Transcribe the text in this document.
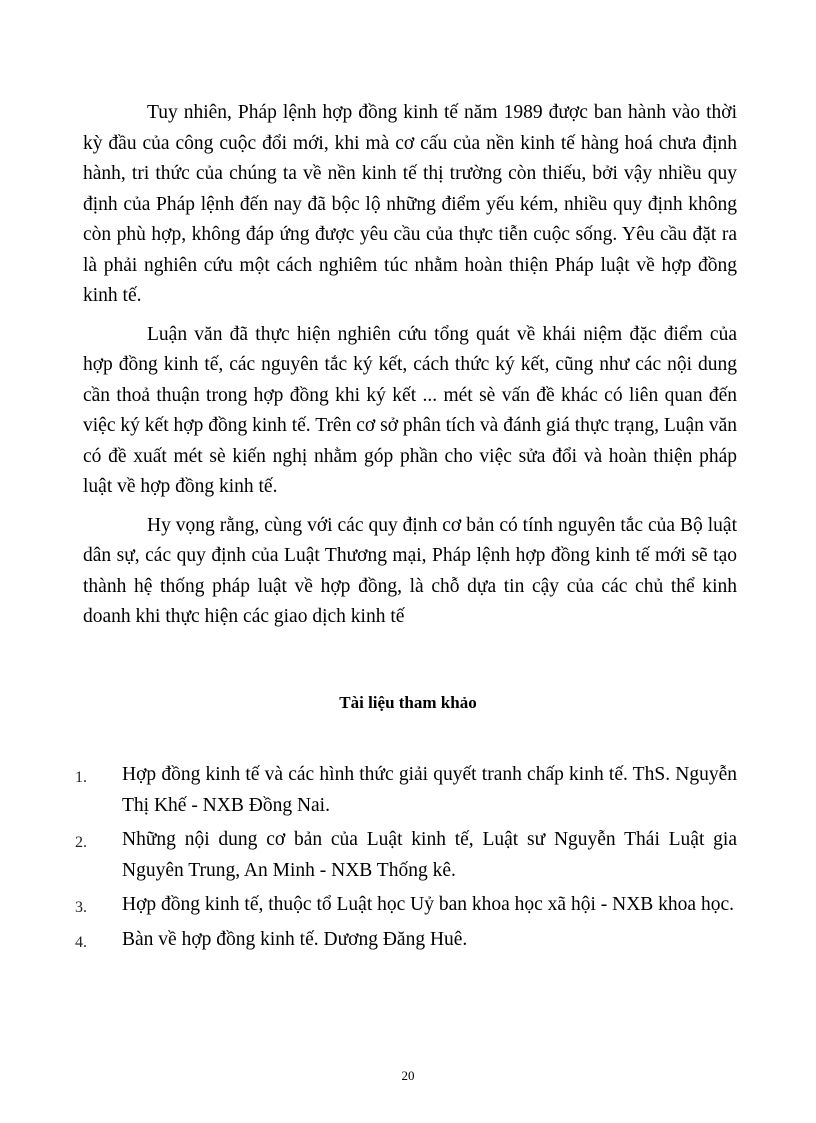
Tuy nhiên, Pháp lệnh hợp đồng kinh tế năm 1989 được ban hành vào thời kỳ đầu của công cuộc đổi mới, khi mà cơ cấu của nền kinh tế hàng hoá chưa định hành, tri thức của chúng ta về nền kinh tế thị trường còn thiếu, bởi vậy nhiều quy định của Pháp lệnh đến nay đã bộc lộ những điểm yếu kém, nhiều quy định không còn phù hợp, không đáp ứng được yêu cầu của thực tiễn cuộc sống. Yêu cầu đặt ra là phải nghiên cứu một cách nghiêm túc nhằm hoàn thiện Pháp luật về hợp đồng kinh tế.

Luận văn đã thực hiện nghiên cứu tổng quát về khái niệm đặc điểm của hợp đồng kinh tế, các nguyên tắc ký kết, cách thức ký kết, cũng như các nội dung cần thoả thuận trong hợp đồng khi ký kết ... mét sè vấn đề khác có liên quan đến việc ký kết hợp đồng kinh tế. Trên cơ sở phân tích và đánh giá thực trạng, Luận văn có đề xuất mét sè kiến nghị nhằm góp phần cho việc sửa đổi và hoàn thiện pháp luật về hợp đồng kinh tế.

Hy vọng rằng, cùng với các quy định cơ bản có tính nguyên tắc của Bộ luật dân sự, các quy định của Luật Thương mại, Pháp lệnh hợp đồng kinh tế mới sẽ tạo thành hệ thống pháp luật về hợp đồng, là chỗ dựa tin cậy của các chủ thể kinh doanh khi thực hiện các giao dịch kinh tế

Tài liệu tham khảo
1.	Hợp đồng kinh tế và các hình thức giải quyết tranh chấp kinh tế. ThS. Nguyễn Thị Khế - NXB Đồng Nai.
2.	Những nội dung cơ bản của Luật kinh tế, Luật sư Nguyễn Thái Luật gia Nguyên Trung, An Minh - NXB Thống kê.
3.	Hợp đồng kinh tế, thuộc tổ Luật học Uỷ ban khoa học xã hội - NXB khoa học.
4.	Bàn về hợp đồng kinh tế. Dương Đăng Huê.
20
